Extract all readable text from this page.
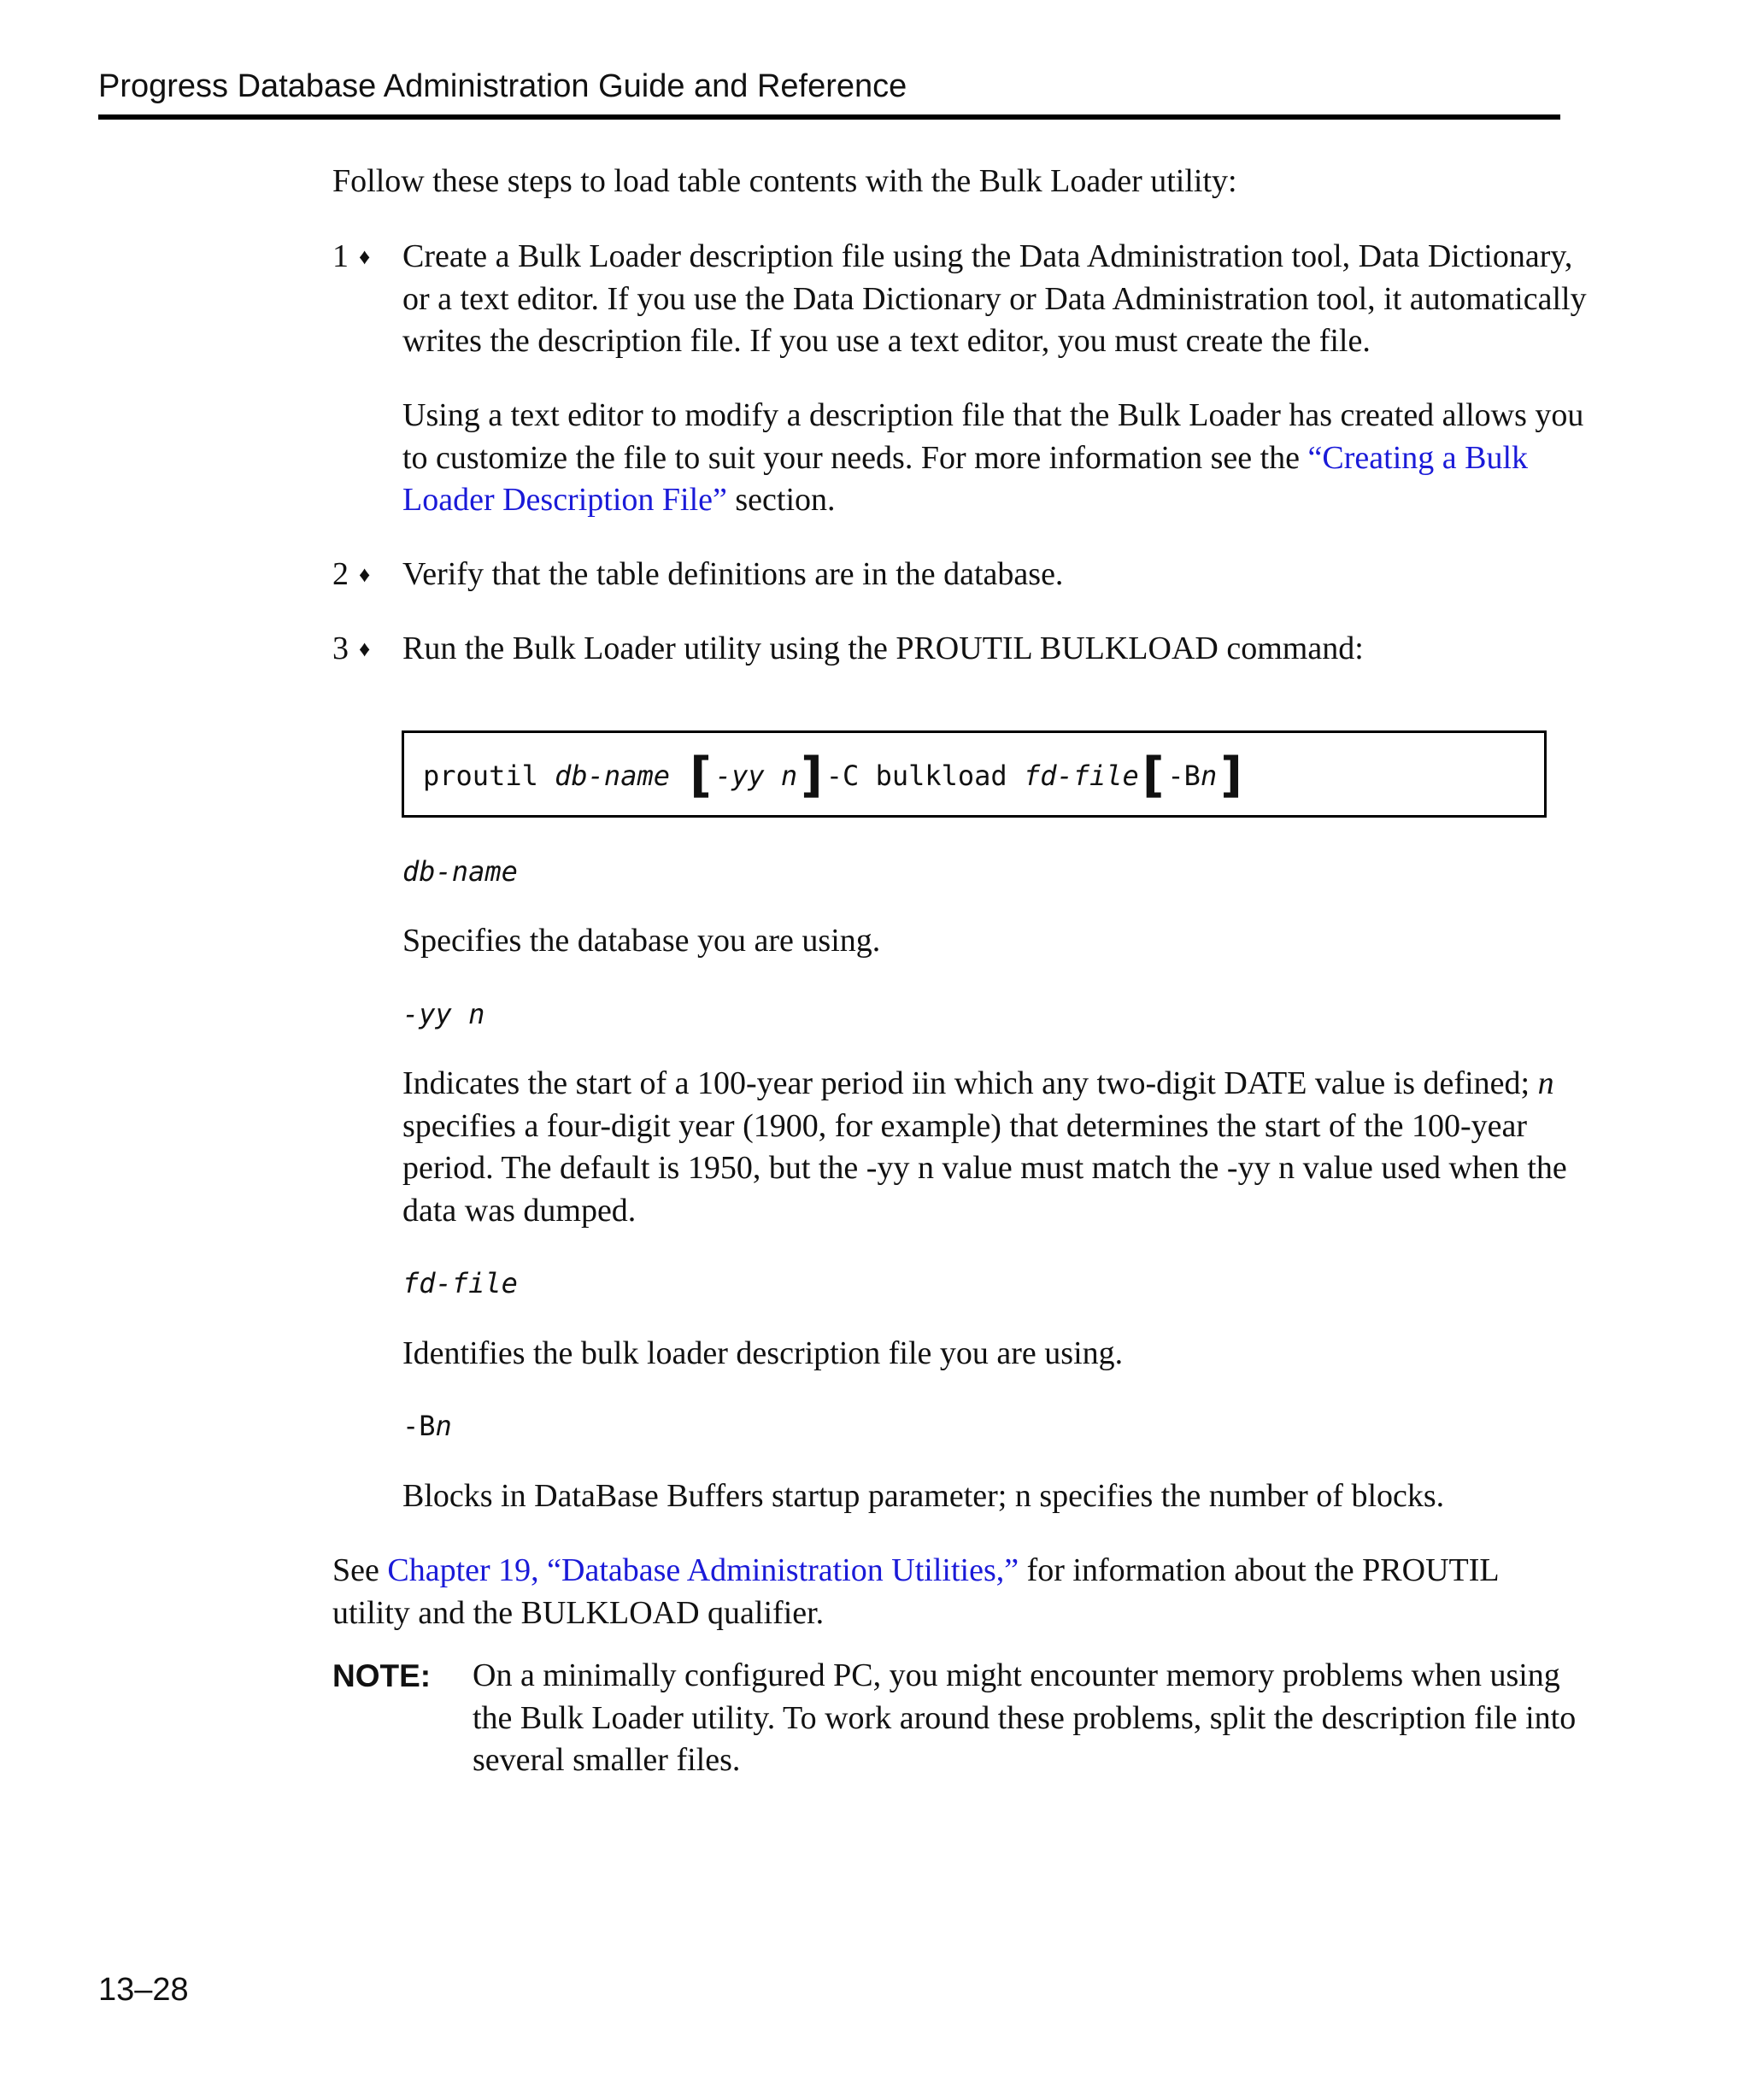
Progress Database Administration Guide and Reference
Follow these steps to load table contents with the Bulk Loader utility:
1 ♦ Create a Bulk Loader description file using the Data Administration tool, Data Dictionary,
or a text editor. If you use the Data Dictionary or Data Administration tool, it automatically
writes the description file. If you use a text editor, you must create the file.
Using a text editor to modify a description file that the Bulk Loader has created allows you
to customize the file to suit your needs. For more information see the “Creating a Bulk
Loader Description File” section.
2 ♦ Verify that the table definitions are in the database.
3 ♦ Run the Bulk Loader utility using the PROUTIL BULKLOAD command:
proutil db-name
[ -yy n ] -C bulkload fd-file [ -B n ]
db-name
Specifies the database you are using.
-yy n
Indicates the start of a 100-year period iin which any two-digit DATE value is defined; n
specifies a four-digit year (1900, for example) that determines the start of the 100-year
period. The default is 1950, but the -yy n value must match the -yy n value used when the
data was dumped.
fd-file
Identifies the bulk loader description file you are using.
-Bn
Blocks in DataBase Buffers startup parameter; n specifies the number of blocks.
See Chapter 19, “Database Administration Utilities,” for information about the PROUTIL
utility and the BULKLOAD qualifier.
NOTE: On a minimally configured PC, you might encounter memory problems when using
the Bulk Loader utility. To work around these problems, split the description file into
several smaller files.
13–28
